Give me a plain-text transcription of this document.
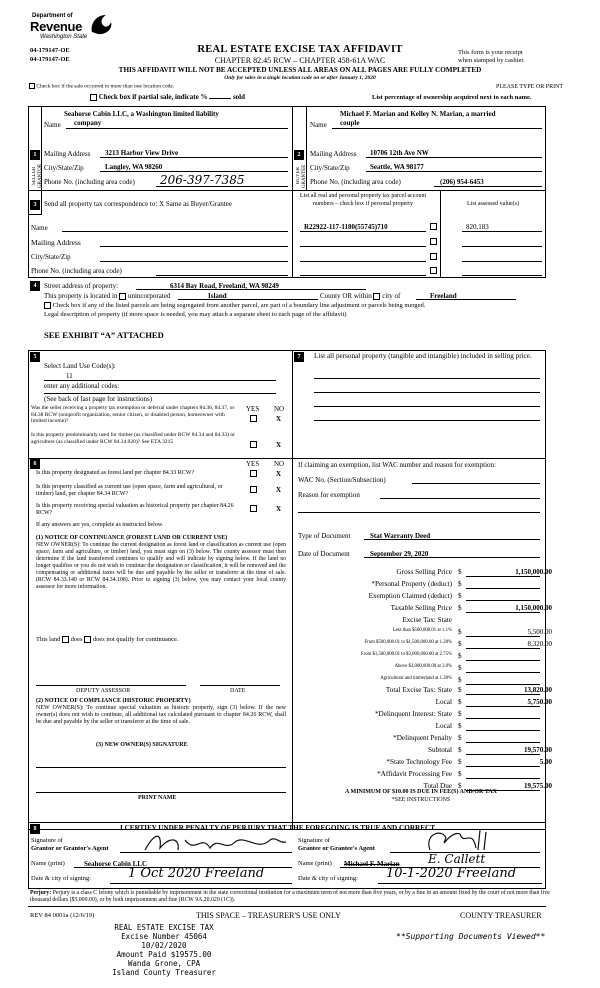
Department of
Revenue
Washington State
04-179147-OE
04-179147-OE
REAL ESTATE EXCISE TAX AFFIDAVIT
CHAPTER 82.45 RCW – CHAPTER 458-61A WAC
This form is your receipt
when stamped by cashier.
THIS AFFIDAVIT WILL NOT BE ACCEPTED UNLESS ALL AREAS ON ALL PAGES ARE FULLY COMPLETED
Only for sales in a single location code on or after January 1, 2020
Check box if the sale occurred in more than one location code.	PLEASE TYPE OR PRINT
Check box if partial sale, indicate %	sold	List percentage of ownership acquired next to each name.
1
SELLER GRANTOR
Seahorse Cabin LLC, a Washington limited liability
Name company
Mailing Address 3213 Harbor View Drive
City/State/Zip	Langley, WA 98260
Phone No. (including area code) 206-397-7385
2
BUYER GRANTEE
Michael F. Marian and Kelley N. Marian, a married
Name couple
Mailing Address 10706 12th Ave NW
City/State/Zip	Seattle, WA 98177
Phone No. (including area code)	(206) 954-6453
3	Send all property tax correspondence to: X Same as Buyer/Grantee
Name
Mailing Address
City/State/Zip
Phone No. (including area code)
List all real and personal property tax parcel account numbers – check box if personal property	List assessed value(s)
R22922-117-1180(55745)710	820,183
4	Street address of property:	6314 Bay Road, Freeland, WA 98249
This property is located in unincorporated	Island	County OR within city of	Freeland
Check box if any of the listed parcels are being segregated from another parcel, are part of a boundary line adjustment or parcels being merged.
Legal description of property (if more space is needed, you may attach a separate sheet to each page of the affidavit)
SEE EXHIBIT “A” ATTACHED
5
Select Land Use Code(s):
11
enter any additional codes:
(See back of last page for instructions)
YES NO
Was the seller receiving a property tax exemption or deferral under chapters 84.36, 84.37, or 84.38 RCW (nonprofit organization, senior citizen, or disabled person, homeowner with limited income)?	X
Is this property predominantly used for timber (as classified under RCW 84.34 and 84.33) or agriculture (as classified under RCW 84.34.020)? See ETA 3215	X
7	List all personal property (tangible and intangible) included in selling price.
6	YES NO
Is this property designated as forest land per chapter 84.33 RCW?	X
Is this property classified as current use (open space, farm and agricultural, or timber) land, per chapter 84.34 RCW?	X
Is this property receiving special valuation as historical property per chapter 84.26 RCW?	X
If any answers are yes, complete as instructed below.
(1) NOTICE OF CONTINUANCE (FOREST LAND OR CURRENT USE)
NEW OWNER(S): To continue the current designation as forest land or classification as current use (open space, farm and agriculture, or timber) land, you must sign on (3) below. The county assessor must then determine if the land transferred continues to qualify and will indicate by signing below. If the land no longer qualifies or you do not wish to continue the designation or classification, it will be removed and the compensating or additional taxes will be due and payable by the seller or transferor at the time of sale. (RCW 84.33.140 or RCW 84.34.108). Prior to signing (3) below, you may contact your local county assessor for more information.
This land does does not qualify for continuance.
DEPUTY ASSESSOR	DATE
(2) NOTICE OF COMPLIANCE (HISTORIC PROPERTY)
NEW OWNER(S): To continue special valuation as historic property, sign (3) below. If the new owner(s) does not wish to continue, all additional tax calculated pursuant to chapter 84.26 RCW, shall be due and payable by the seller or transferor at the time of sale.
(3) NEW OWNER(S) SIGNATURE
PRINT NAME
If claiming an exemption, list WAC number and reason for exemption:
WAC No. (Section/Subsection)
Reason for exemption
Type of Document	Stat Warranty Deed
Date of Document	September 29, 2020
Gross Selling Price $	1,150,000.00
*Personal Property (deduct) $
Exemption Claimed (deduct) $
Taxable Selling Price $	1,150,000.00
Excise Tax: State
Less than $500,000.01 at 1.1% $	5,500.00
From $500,000.01 to $1,500,000.00 at 1.28% $	8,320.00
From $1,500,000.01 to $3,000,000.00 at 2.75% $
Above $3,000,000.00 at 3.0% $
Agricultural and timberland at 1.28% $
Total Excise Tax: State $	13,820.00
Local $	5,750.00
*Delinquent Interest: State $
Local $
*Delinquent Penalty $
Subtotal $	19,570.00
*State Technology Fee $	5.00
*Affidavit Processing Fee $
Total Due $	19,575.00
A MINIMUM OF $10.00 IS DUE IN FEE(S) AND/OR TAX
*SEE INSTRUCTIONS
8	I CERTIFY UNDER PENALTY OF PERJURY THAT THE FOREGOING IS TRUE AND CORRECT.
Signature of
Grantor or Grantor's Agent
Signature of
Grantee or Grantee's Agent
Name (print)	Seahorse Cabin LLC	Name (print) Michael F. Marian E. Callett
Date & city of signing:	1 Oct 2020 Freeland	Date & city of signing: 10-1-2020 Freeland
Perjury: Perjury is a class C felony which is punishable by imprisonment in the state correctional institution for a maximum term of not more than five years, or by a fine in an amount fixed by the court of not more than five thousand dollars ($5,000.00), or by both imprisonment and fine (RCW 9A.20.020 (1C)).
REV 84 0001a (12/6/19)	THIS SPACE – TREASURER'S USE ONLY	COUNTY TREASURER
REAL ESTATE EXCISE TAX
Excise Number 45064
10/02/2020
Amount Paid $19575.00
Wanda Grone, CPA
Island County Treasurer
**Supporting Documents Viewed**
